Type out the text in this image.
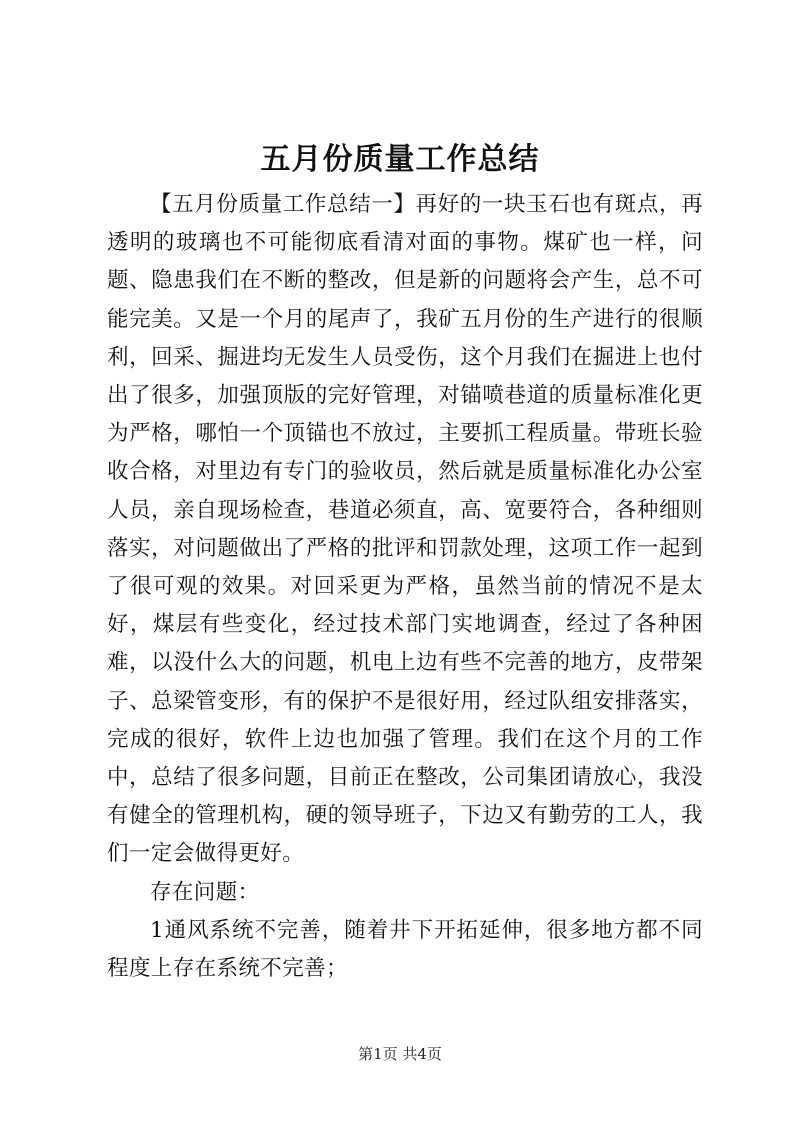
五月份质量工作总结

【五月份质量工作总结一】再好的一块玉石也有斑点，再透明的玻璃也不可能彻底看清对面的事物。煤矿也一样，问题、隐患我们在不断的整改，但是新的问题将会产生，总不可能完美。又是一个月的尾声了，我矿五月份的生产进行的很顺利，回采、掘进均无发生人员受伤，这个月我们在掘进上也付出了很多，加强顶版的完好管理，对锚喷巷道的质量标准化更为严格，哪怕一个顶锚也不放过，主要抓工程质量。带班长验收合格，对里边有专门的验收员，然后就是质量标准化办公室人员，亲自现场检查，巷道必须直，高、宽要符合，各种细则落实，对问题做出了严格的批评和罚款处理，这项工作一起到了很可观的效果。对回采更为严格，虽然当前的情况不是太好，煤层有些变化，经过技术部门实地调查，经过了各种困难，以没什么大的问题，机电上边有些不完善的地方，皮带架子、总梁管变形，有的保护不是很好用，经过队组安排落实，完成的很好，软件上边也加强了管理。我们在这个月的工作中，总结了很多问题，目前正在整改，公司集团请放心，我没有健全的管理机构，硬的领导班子，下边又有勤劳的工人，我们一定会做得更好。

存在问题：

1通风系统不完善，随着井下开拓延伸，很多地方都不同程度上存在系统不完善；

第1页 共4页
